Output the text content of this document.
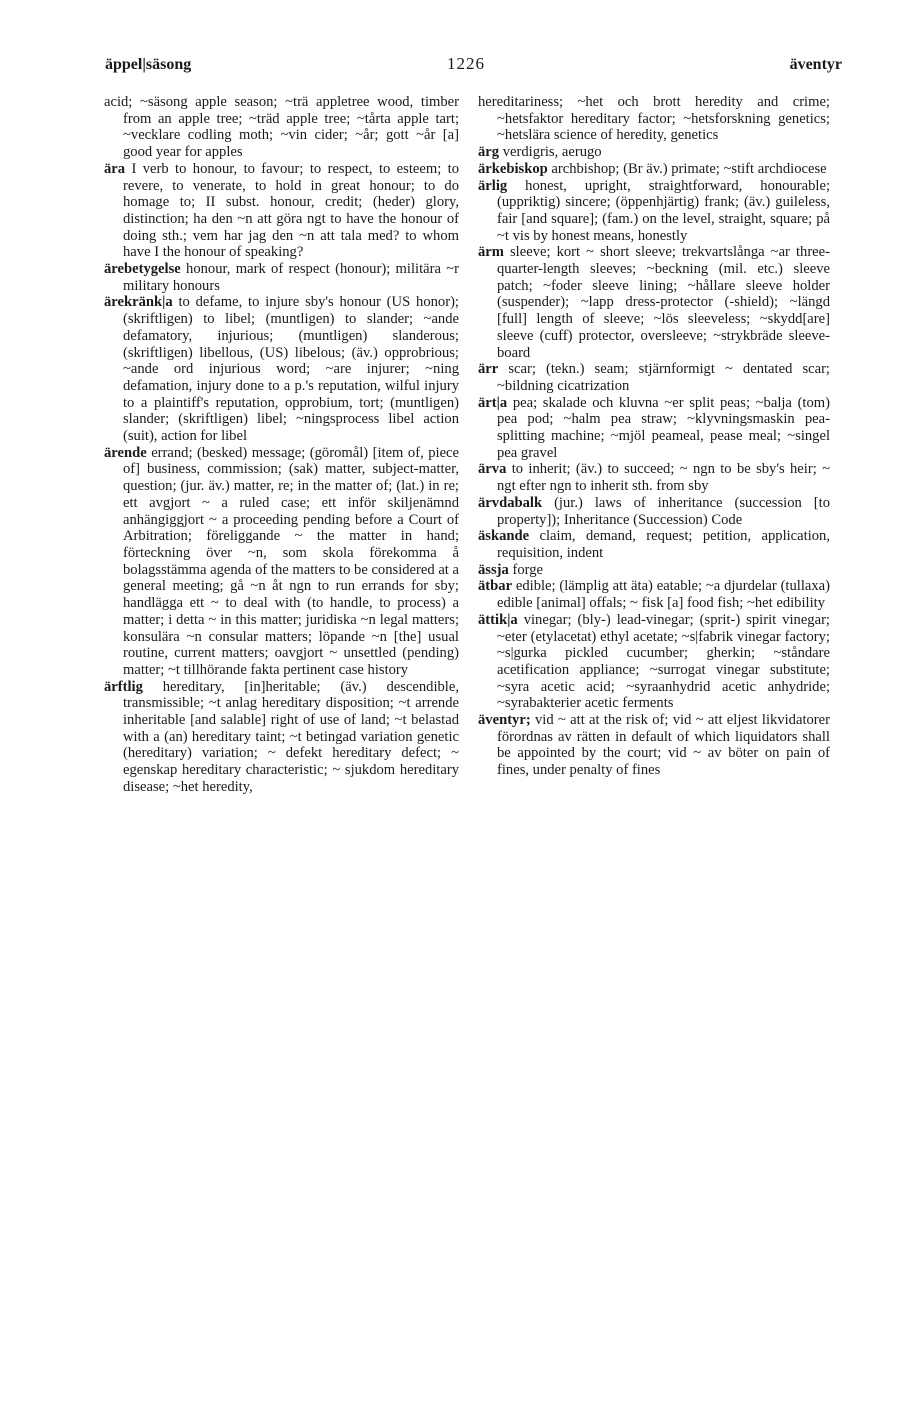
äppel|säsong	1226	äventyr

acid; ~säsong apple season; ~trä appletree wood, timber from an apple tree; ~träd apple tree; ~tårta apple tart; ~vecklare codling moth; ~vin cider; ~år; gott ~år [a] good year for apples

ära I verb to honour, to favour; to respect, to esteem; to revere, to venerate, to hold in great honour; to do homage to; II subst. honour, credit; (heder) glory, distinction; ha den ~n att göra ngt to have the honour of doing sth.; vem har jag den ~n att tala med? to whom have I the honour of speaking?

ärebetygelse honour, mark of respect (honour); militära ~r military honours

ärekränk|a to defame, to injure sby's honour (US honor); (skriftligen) to libel; (muntligen) to slander; ~ande defamatory, injurious; (muntligen) slanderous; (skriftligen) libellous, (US) libelous; (äv.) opprobrious; ~ande ord injurious word; ~are injurer; ~ning defamation, injury done to a p.'s reputation, wilful injury to a plaintiff's reputation, opprobium, tort; (muntligen) slander; (skriftligen) libel; ~ningsprocess libel action (suit), action for libel

ärende errand; (besked) message; (göromål) [item of, piece of] business, commission; (sak) matter, subject-matter, question; (jur. äv.) matter, re; in the matter of; (lat.) in re; ett avgjort ~ a ruled case; ett inför skiljenämnd anhängiggjort ~ a proceeding pending before a Court of Arbitration; föreliggande ~ the matter in hand; förteckning över ~n, som skola förekomma å bolagsstämma agenda of the matters to be considered at a general meeting; gå ~n åt ngn to run errands for sby; handlägga ett ~ to deal with (to handle, to process) a matter; i detta ~ in this matter; juridiska ~n legal matters; konsulära ~n consular matters; löpande ~n [the] usual routine, current matters; oavgjort ~ unsettled (pending) matter; ~t tillhörande fakta pertinent case history

ärftlig hereditary, [in]heritable; (äv.) descendible, transmissible; ~t anlag hereditary disposition; ~t arrende inheritable [and salable] right of use of land; ~t belastad with a (an) hereditary taint; ~t betingad variation genetic (hereditary) variation; ~ defekt hereditary defect; ~ egenskap hereditary characteristic; ~ sjukdom hereditary disease; ~het heredity,

hereditariness; ~het och brott heredity and crime; ~hetsfaktor hereditary factor; ~hetsforskning genetics; ~hetslära science of heredity, genetics

ärg verdigris, aerugo

ärkebiskop archbishop; (Br äv.) primate; ~stift archdiocese

ärlig honest, upright, straightforward, honourable; (uppriktig) sincere; (öppenhjärtig) frank; (äv.) guileless, fair [and square]; (fam.) on the level, straight, square; på ~t vis by honest means, honestly

ärm sleeve; kort ~ short sleeve; trekvartslånga ~ar three-quarter-length sleeves; ~beckning (mil. etc.) sleeve patch; ~foder sleeve lining; ~hållare sleeve holder (suspender); ~lapp dress-protector (-shield); ~längd [full] length of sleeve; ~lös sleeveless; ~skydd[are] sleeve (cuff) protector, oversleeve; ~strykbräde sleeve-board

ärr scar; (tekn.) seam; stjärnformigt ~ dentated scar; ~bildning cicatrization

ärt|a pea; skalade och kluvna ~er split peas; ~balja (tom) pea pod; ~halm pea straw; ~klyvningsmaskin pea-splitting machine; ~mjöl peameal, pease meal; ~singel pea gravel

ärva to inherit; (äv.) to succeed; ~ ngn to be sby's heir; ~ ngt efter ngn to inherit sth. from sby

ärvdabalk (jur.) laws of inheritance (succession [to property]); Inheritance (Succession) Code

äskande claim, demand, request; petition, application, requisition, indent

ässja forge

ätbar edible; (lämplig att äta) eatable; ~a djurdelar (tullaxa) edible [animal] offals; ~ fisk [a] food fish; ~het edibility

ättik|a vinegar; (bly-) lead-vinegar; (sprit-) spirit vinegar; ~eter (etylacetat) ethyl acetate; ~s|fabrik vinegar factory; ~s|gurka pickled cucumber; gherkin; ~ståndare acetification appliance; ~surrogat vinegar substitute; ~syra acetic acid; ~syraanhydrid acetic anhydride; ~syrabakterier acetic ferments

äventyr; vid ~ att at the risk of; vid ~ att eljest likvidatorer förordnas av rätten in default of which liquidators shall be appointed by the court; vid ~ av böter on pain of fines, under penalty of fines
